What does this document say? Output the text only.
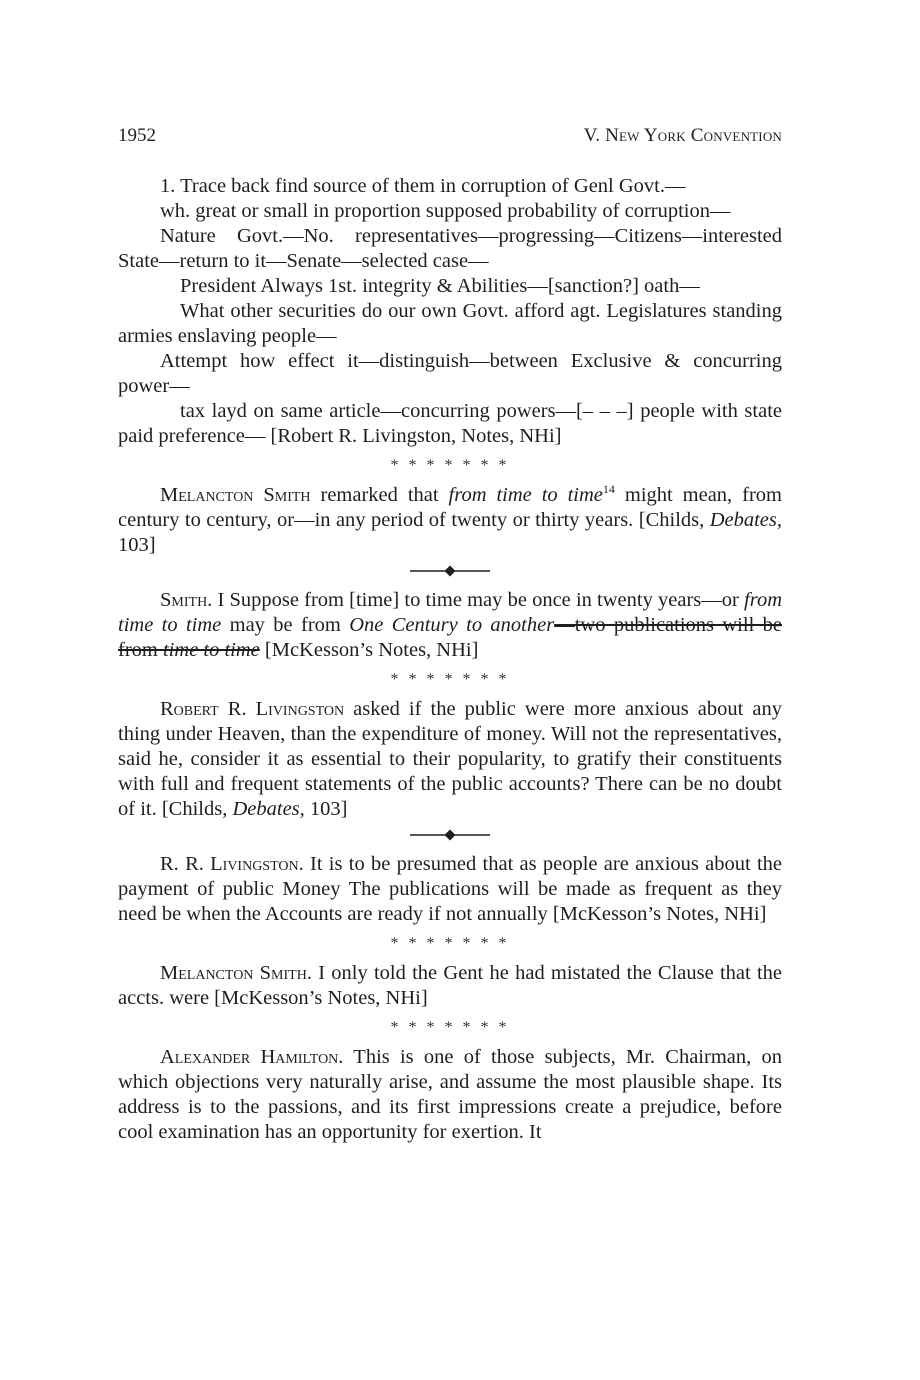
1952	V. New York Convention

1. Trace back find source of them in corruption of Genl Govt.—

wh. great or small in proportion supposed probability of corruption—

Nature Govt.—No. representatives—progressing—Citizens—interested State—return to it—Senate—selected case—

President Always 1st. integrity & Abilities—[sanction?] oath—

What other securities do our own Govt. afford agt. Legislatures standing armies enslaving people—

Attempt how effect it—distinguish—between Exclusive & concurring power—

tax layd on same article—concurring powers—[– – –] people with state paid preference— [Robert R. Livingston, Notes, NHi]

* * * * * * *

Melancton Smith remarked that from time to time$^{14}$ might mean, from century to century, or—in any period of twenty or thirty years. [Childs, Debates, 103]

Smith. I Suppose from [time] to time may be once in twenty years—or from time to time may be from One Century to another—two publications will be from time to time [McKesson’s Notes, NHi]

* * * * * * *

Robert R. Livingston asked if the public were more anxious about any thing under Heaven, than the expenditure of money. Will not the representatives, said he, consider it as essential to their popularity, to gratify their constituents with full and frequent statements of the public accounts? There can be no doubt of it. [Childs, Debates, 103]

R. R. Livingston. It is to be presumed that as people are anxious about the payment of public Money The publications will be made as frequent as they need be when the Accounts are ready if not annually [McKesson’s Notes, NHi]

* * * * * * *

Melancton Smith. I only told the Gent he had mistated the Clause that the accts. were [McKesson’s Notes, NHi]

* * * * * * *

Alexander Hamilton. This is one of those subjects, Mr. Chairman, on which objections very naturally arise, and assume the most plausible shape. Its address is to the passions, and its first impressions create a prejudice, before cool examination has an opportunity for exertion. It
